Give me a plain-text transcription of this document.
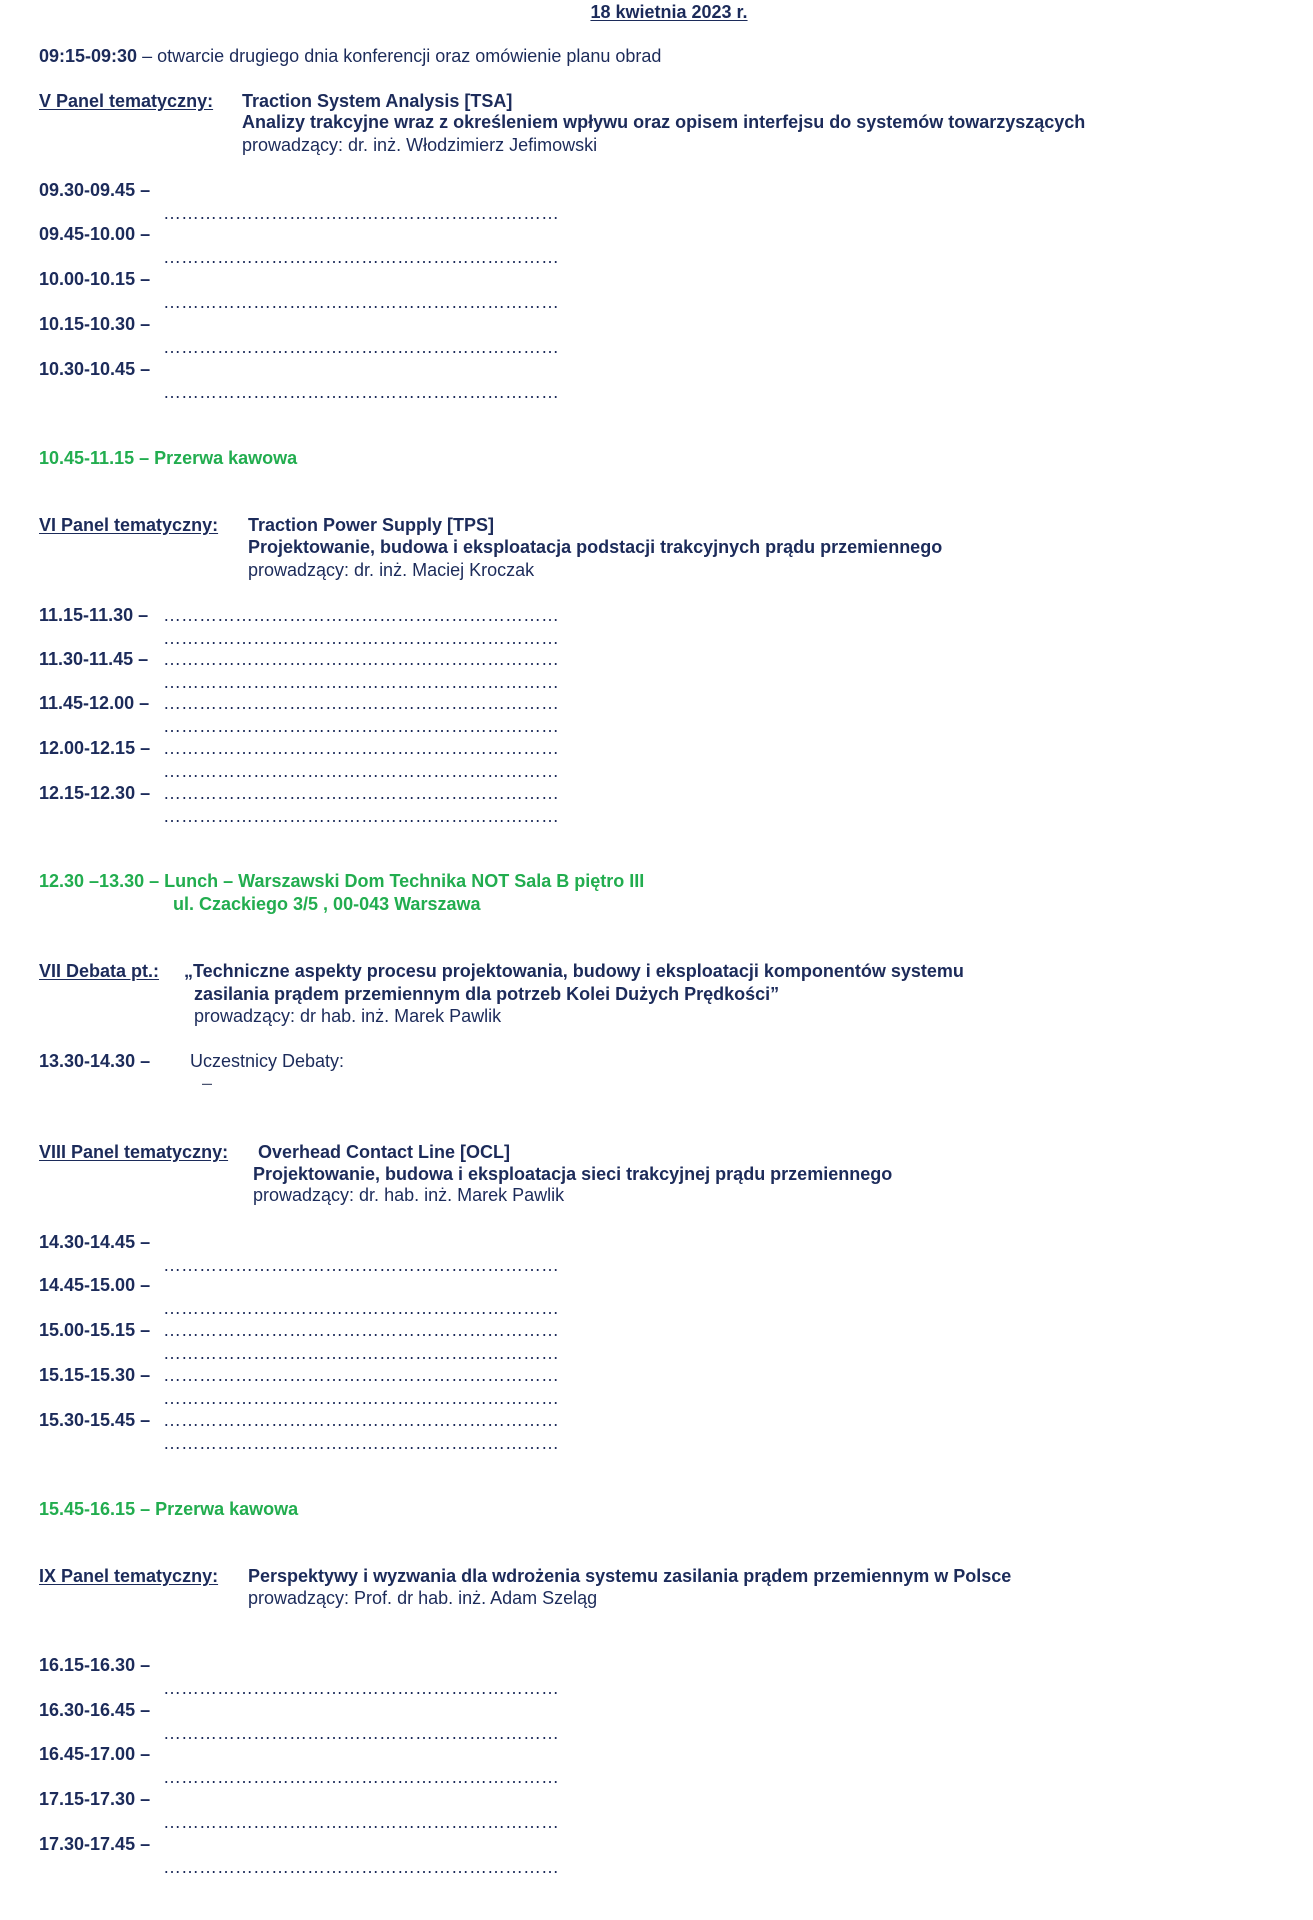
18 kwietnia 2023 r.
09:15-09:30 – otwarcie drugiego dnia konferencji oraz omówienie planu obrad
V Panel tematyczny: Traction System Analysis [TSA]
Analizy trakcyjne wraz z określeniem wpływu oraz opisem interfejsu do systemów towarzyszących
prowadzący: dr. inż. Włodzimierz Jefimowski
09.30-09.45 –
…………………………………………………………
09.45-10.00 –
…………………………………………………………
10.00-10.15 –
…………………………………………………………
10.15-10.30 –
…………………………………………………………
10.30-10.45 –
…………………………………………………………
10.45-11.15 – Przerwa kawowa
VI Panel tematyczny: Traction Power Supply [TPS]
Projektowanie, budowa i eksploatacja podstacji trakcyjnych prądu przemiennego
prowadzący: dr. inż. Maciej Kroczak
11.15-11.30 – …………………………………………………………
…………………………………………………………
11.30-11.45 – …………………………………………………………
…………………………………………………………
11.45-12.00 – …………………………………………………………
…………………………………………………………
12.00-12.15 – …………………………………………………………
…………………………………………………………
12.15-12.30 – …………………………………………………………
…………………………………………………………
12.30 –13.30 – Lunch – Warszawski Dom Technika NOT Sala B piętro III
ul. Czackiego 3/5 , 00-043 Warszawa
VII Debata pt.: „Techniczne aspekty procesu projektowania, budowy i eksploatacji komponentów systemu
zasilania prądem przemiennym dla potrzeb Kolei Dużych Prędkości”
prowadzący: dr hab. inż. Marek Pawlik
13.30-14.30 – Uczestnicy Debaty:
–
VIII Panel tematyczny: Overhead Contact Line [OCL]
Projektowanie, budowa i eksploatacja sieci trakcyjnej prądu przemiennego
prowadzący: dr. hab. inż. Marek Pawlik
14.30-14.45 –
…………………………………………………………
14.45-15.00 –
…………………………………………………………
15.00-15.15 – …………………………………………………………
…………………………………………………………
15.15-15.30 – …………………………………………………………
…………………………………………………………
15.30-15.45 – …………………………………………………………
…………………………………………………………
15.45-16.15 – Przerwa kawowa
IX Panel tematyczny: Perspektywy i wyzwania dla wdrożenia systemu zasilania prądem przemiennym w Polsce
prowadzący: Prof. dr hab. inż. Adam Szeląg
16.15-16.30 –
…………………………………………………………
16.30-16.45 –
…………………………………………………………
16.45-17.00 –
…………………………………………………………
17.15-17.30 –
…………………………………………………………
17.30-17.45 –
…………………………………………………………
